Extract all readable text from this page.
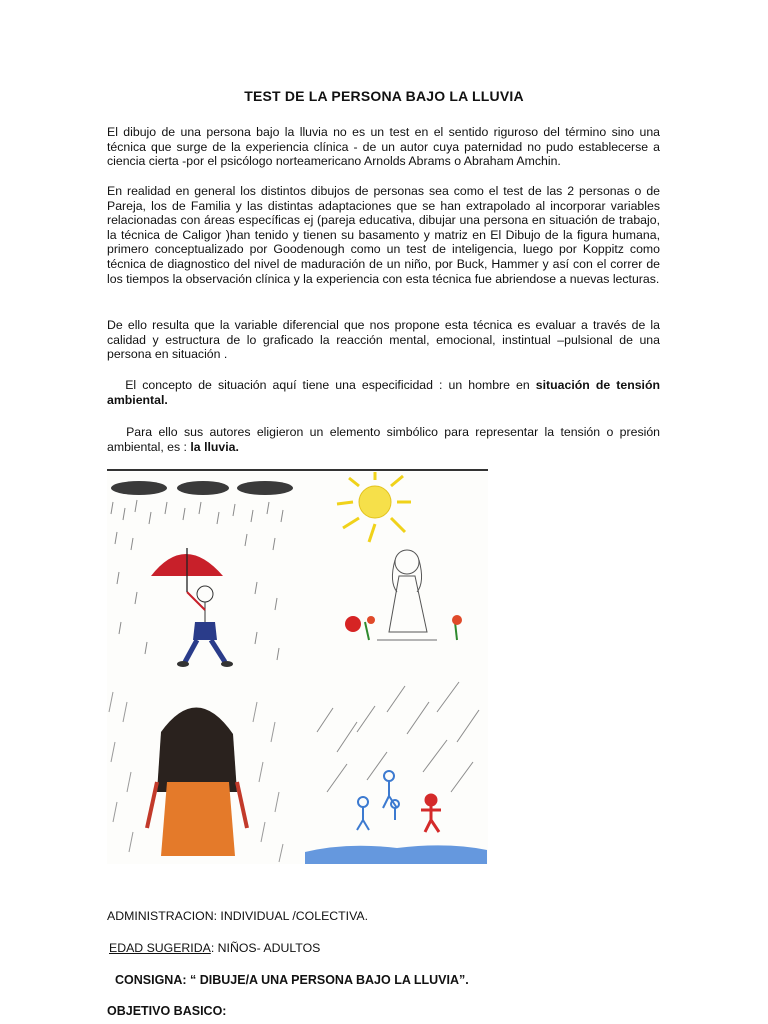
TEST DE LA PERSONA BAJO LA LLUVIA
El dibujo de una persona bajo la lluvia no es un test en el sentido riguroso del término sino una técnica que surge de la experiencia clínica - de un autor cuya paternidad no pudo establecerse a ciencia cierta -por el psicólogo norteamericano Arnolds Abrams o Abraham Amchin.
En realidad en general los distintos dibujos de personas sea como el test de las 2 personas o de Pareja, los de Familia y las distintas adaptaciones que se han extrapolado al incorporar variables relacionadas con áreas específicas ej (pareja educativa, dibujar una persona en situación de trabajo, la técnica de Caligor )han tenido y tienen su basamento y matriz en El Dibujo de la figura humana, primero conceptualizado por Goodenough como un test de inteligencia, luego por Koppitz como técnica de diagnostico del nivel de maduración de un niño, por Buck, Hammer y así con el correr de los tiempos la observación clínica y la experiencia con esta técnica fue abriendose a nuevas lecturas.
De ello resulta que la variable diferencial que nos propone esta técnica es evaluar a través de la calidad y estructura de lo graficado la reacción mental, emocional, instintual –pulsional de una persona en situación .
El concepto de situación aquí tiene una especificidad : un hombre en situación de tensión ambiental.
Para ello sus autores eligieron un elemento simbólico para representar la tensión o presión ambiental, es : la lluvia.
ADMINISTRACION: INDIVIDUAL /COLECTIVA.
EDAD SUGERIDA: NIÑOS- ADULTOS
CONSIGNA: “ DIBUJE/A UNA PERSONA BAJO LA LLUVIA”.
OBJETIVO BASICO:
